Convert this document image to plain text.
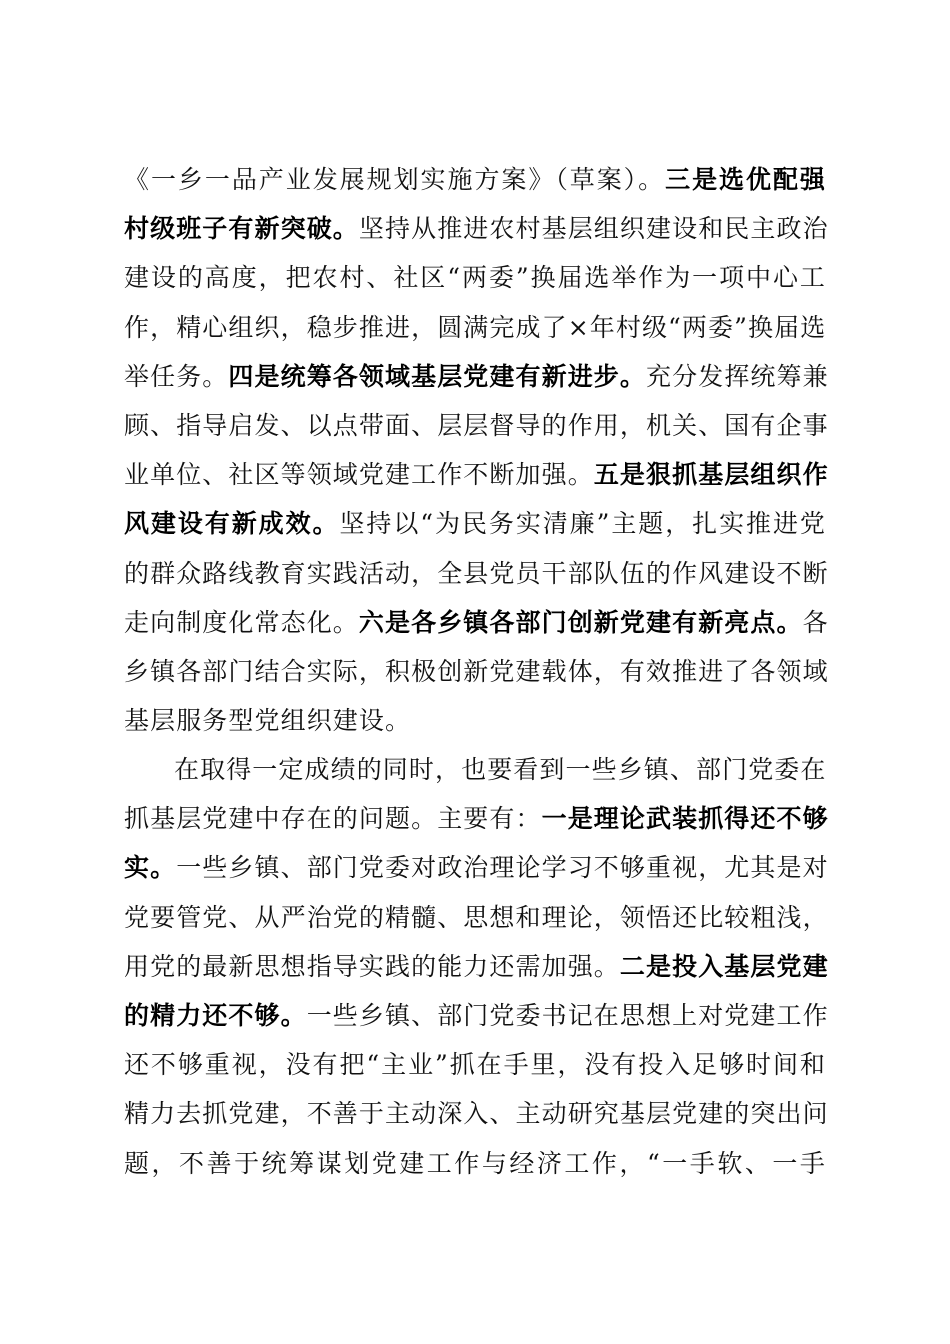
《一乡一品产业发展规划实施方案》（草案）。三是选优配强
村级班子有新突破。坚持从推进农村基层组织建设和民主政治
建设的高度，把农村、社区“两委”换届选举作为一项中心工
作，精心组织，稳步推进，圆满完成了×年村级“两委”换届选
举任务。四是统筹各领域基层党建有新进步。充分发挥统筹兼
顾、指导启发、以点带面、层层督导的作用，机关、国有企事
业单位、社区等领域党建工作不断加强。五是狠抓基层组织作
风建设有新成效。坚持以“为民务实清廉”主题，扎实推进党
的群众路线教育实践活动，全县党员干部队伍的作风建设不断
走向制度化常态化。六是各乡镇各部门创新党建有新亮点。各
乡镇各部门结合实际，积极创新党建载体，有效推进了各领域
基层服务型党组织建设。
在取得一定成绩的同时，也要看到一些乡镇、部门党委在
抓基层党建中存在的问题。主要有：一是理论武装抓得还不够
实。一些乡镇、部门党委对政治理论学习不够重视，尤其是对
党要管党、从严治党的精髓、思想和理论，领悟还比较粗浅，
用党的最新思想指导实践的能力还需加强。二是投入基层党建
的精力还不够。一些乡镇、部门党委书记在思想上对党建工作
还不够重视，没有把“主业”抓在手里，没有投入足够时间和
精力去抓党建，不善于主动深入、主动研究基层党建的突出问
题，不善于统筹谋划党建工作与经济工作，“一手软、一手
